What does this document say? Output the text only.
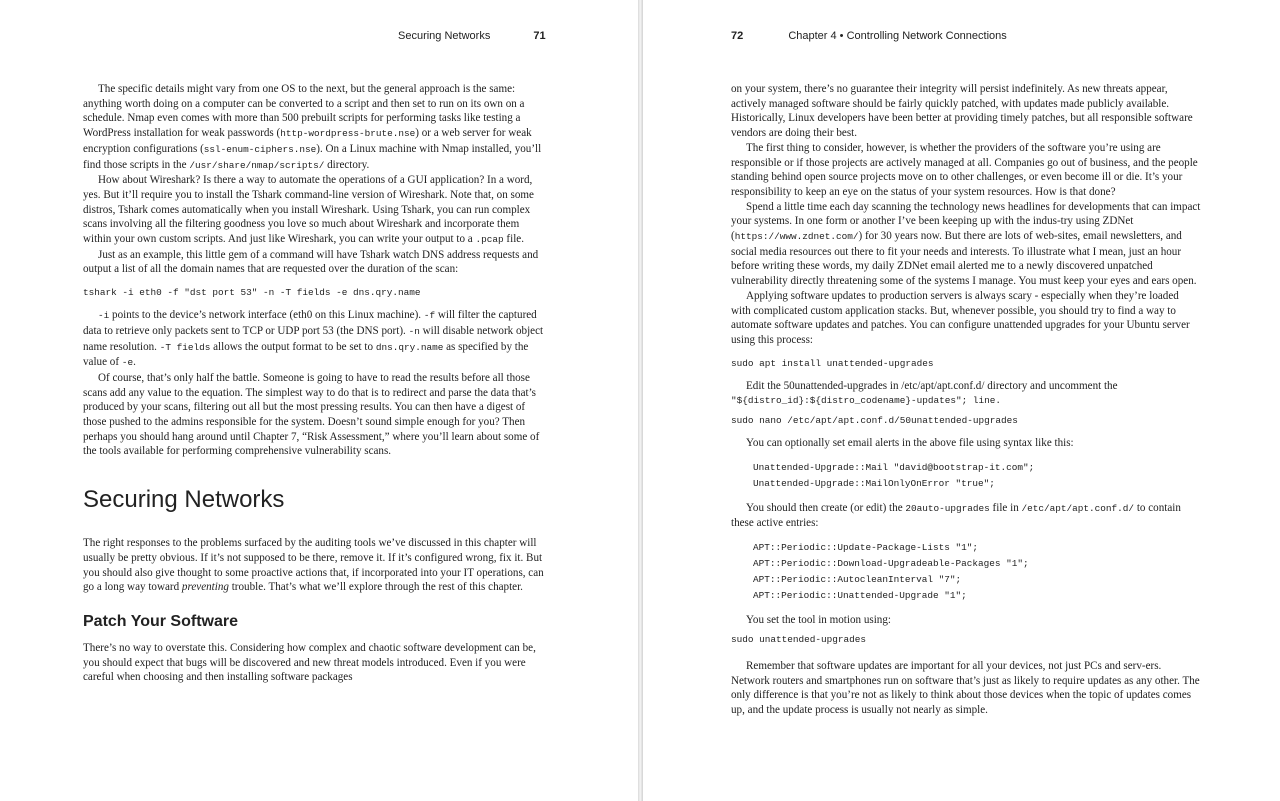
Securing Networks	71

The specific details might vary from one OS to the next, but the general approach is the same: anything worth doing on a computer can be converted to a script and then set to run on its own on a schedule. Nmap even comes with more than 500 prebuilt scripts for performing tasks like testing a WordPress installation for weak passwords (http-wordpress-brute.nse) or a web server for weak encryption configurations (ssl-enum-ciphers.nse). On a Linux machine with Nmap installed, you’ll find those scripts in the /usr/share/nmap/scripts/ directory.

How about Wireshark? Is there a way to automate the operations of a GUI application? In a word, yes. But it’ll require you to install the Tshark command-line version of Wireshark. Note that, on some distros, Tshark comes automatically when you install Wireshark. Using Tshark, you can run complex scans involving all the filtering goodness you love so much about Wireshark and incorporate them within your own custom scripts. And just like Wireshark, you can write your output to a .pcap file.

Just as an example, this little gem of a command will have Tshark watch DNS address requests and output a list of all the domain names that are requested over the duration of the scan:

tshark -i eth0 -f "dst port 53" -n -T fields -e dns.qry.name

-i points to the device’s network interface (eth0 on this Linux machine). -f will filter the captured data to retrieve only packets sent to TCP or UDP port 53 (the DNS port). -n will disable network object name resolution. -T fields allows the output format to be set to dns.qry.name as specified by the value of -e.

Of course, that’s only half the battle. Someone is going to have to read the results before all those scans add any value to the equation. The simplest way to do that is to redirect and parse the data that’s produced by your scans, filtering out all but the most pressing results. You can then have a digest of those pushed to the admins responsible for the system. Doesn’t sound simple enough for you? Then perhaps you should hang around until Chapter 7, “Risk Assessment,” where you’ll learn about some of the tools available for performing comprehensive vulnerability scans.

Securing Networks

The right responses to the problems surfaced by the auditing tools we’ve discussed in this chapter will usually be pretty obvious. If it’s not supposed to be there, remove it. If it’s configured wrong, fix it. But you should also give thought to some proactive actions that, if incorporated into your IT operations, can go a long way toward preventing trouble. That’s what we’ll explore through the rest of this chapter.

Patch Your Software

There’s no way to overstate this. Considering how complex and chaotic software development can be, you should expect that bugs will be discovered and new threat models introduced. Even if you were careful when choosing and then installing software packages

72	Chapter 4 • Controlling Network Connections

on your system, there’s no guarantee their integrity will persist indefinitely. As new threats appear, actively managed software should be fairly quickly patched, with updates made publicly available. Historically, Linux developers have been better at providing timely patches, but all responsible software vendors are doing their best.

The first thing to consider, however, is whether the providers of the software you’re using are responsible or if those projects are actively managed at all. Companies go out of business, and the people standing behind open source projects move on to other challenges, or even become ill or die. It’s your responsibility to keep an eye on the status of your system resources. How is that done?

Spend a little time each day scanning the technology news headlines for developments that can impact your systems. In one form or another I’ve been keeping up with the indus-try using ZDNet (https://www.zdnet.com/) for 30 years now. But there are lots of web-sites, email newsletters, and social media resources out there to fit your needs and interests. To illustrate what I mean, just an hour before writing these words, my daily ZDNet email alerted me to a newly discovered unpatched vulnerability directly threatening some of the systems I manage. You must keep your eyes and ears open.

Applying software updates to production servers is always scary - especially when they’re loaded with complicated custom application stacks. But, whenever possible, you should try to find a way to automate software updates and patches. You can configure unattended upgrades for your Ubuntu server using this process:

sudo apt install unattended-upgrades

Edit the 50unattended-upgrades in /etc/apt/apt.conf.d/ directory and uncomment the "${distro_id}:${distro_codename}-updates"; line.

sudo nano /etc/apt/apt.conf.d/50unattended-upgrades

You can optionally set email alerts in the above file using syntax like this:

Unattended-Upgrade::Mail "david@bootstrap-it.com";
Unattended-Upgrade::MailOnlyOnError "true";

You should then create (or edit) the 20auto-upgrades file in /etc/apt/apt.conf.d/ to contain these active entries:

APT::Periodic::Update-Package-Lists "1";
APT::Periodic::Download-Upgradeable-Packages "1";
APT::Periodic::AutocleanInterval "7";
APT::Periodic::Unattended-Upgrade "1";

You set the tool in motion using:

sudo unattended-upgrades

Remember that software updates are important for all your devices, not just PCs and serv-ers. Network routers and smartphones run on software that’s just as likely to require updates as any other. The only difference is that you’re not as likely to think about those devices when the topic of updates comes up, and the update process is usually not nearly as simple.
